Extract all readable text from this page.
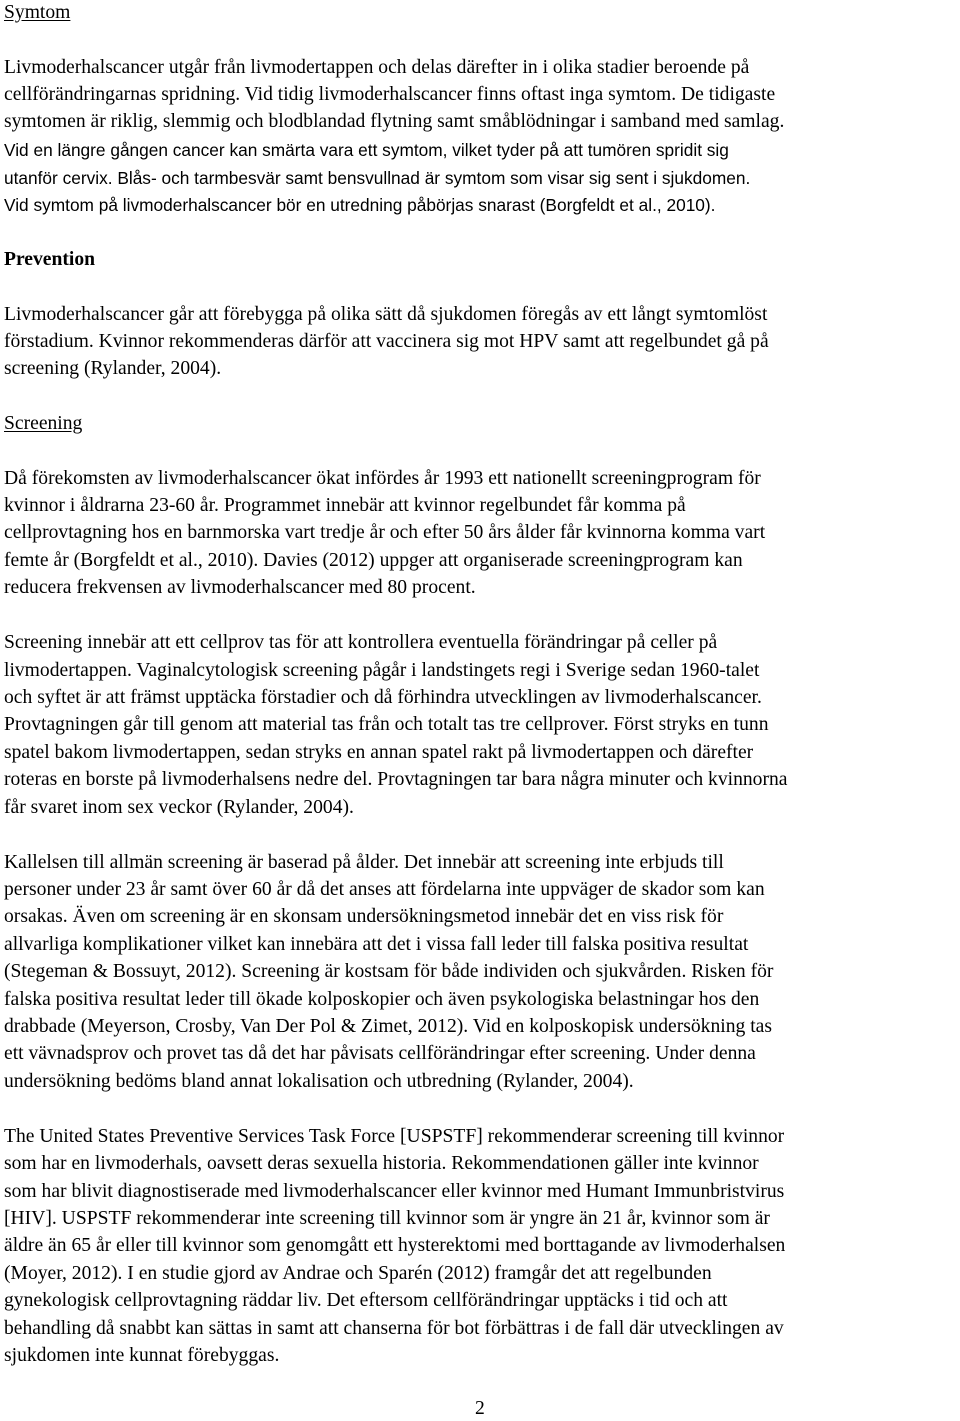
Symtom
Livmoderhalscancer utgår från livmodertappen och delas därefter in i olika stadier beroende på
cellförändringarnas spridning. Vid tidig livmoderhalscancer finns oftast inga symtom. De tidigaste
symtomen är riklig, slemmig och blodblandad flytning samt småblödningar i samband med samlag.
Vid en längre gången cancer kan smärta vara ett symtom, vilket tyder på att tumören spridit sig
utanför cervix. Blås- och tarmbesvär samt bensvullnad är symtom som visar sig sent i sjukdomen.
Vid symtom på livmoderhalscancer bör en utredning påbörjas snarast (Borgfeldt et al., 2010).
Prevention
Livmoderhalscancer går att förebygga på olika sätt då sjukdomen föregås av ett långt symtomlöst
förstadium. Kvinnor rekommenderas därför att vaccinera sig mot HPV samt att regelbundet gå på
screening (Rylander, 2004).
Screening
Då förekomsten av livmoderhalscancer ökat infördes år 1993 ett nationellt screeningprogram för
kvinnor i åldrarna 23-60 år. Programmet innebär att kvinnor regelbundet får komma på
cellprovtagning hos en barnmorska vart tredje år och efter 50 års ålder får kvinnorna komma vart
femte år (Borgfeldt et al., 2010). Davies (2012) uppger att organiserade screeningprogram kan
reducera frekvensen av livmoderhalscancer med 80 procent.
Screening innebär att ett cellprov tas för att kontrollera eventuella förändringar på celler på
livmodertappen. Vaginalcytologisk screening pågår i landstingets regi i Sverige sedan 1960-talet
och syftet är att främst upptäcka förstadier och då förhindra utvecklingen av livmoderhalscancer.
Provtagningen går till genom att material tas från och totalt tas tre cellprover. Först stryks en tunn
spatel bakom livmodertappen, sedan stryks en annan spatel rakt på livmodertappen och därefter
roteras en borste på livmoderhalsens nedre del. Provtagningen tar bara några minuter och kvinnorna
får svaret inom sex veckor (Rylander, 2004).
Kallelsen till allmän screening är baserad på ålder. Det innebär att screening inte erbjuds till
personer under 23 år samt över 60 år då det anses att fördelarna inte uppväger de skador som kan
orsakas. Även om screening är en skonsam undersökningsmetod innebär det en viss risk för
allvarliga komplikationer vilket kan innebära att det i vissa fall leder till falska positiva resultat
(Stegeman & Bossuyt, 2012). Screening är kostsam för både individen och sjukvården. Risken för
falska positiva resultat leder till ökade kolposkopier och även psykologiska belastningar hos den
drabbade (Meyerson, Crosby, Van Der Pol & Zimet, 2012). Vid en kolposkopisk undersökning tas
ett vävnadsprov och provet tas då det har påvisats cellförändringar efter screening. Under denna
undersökning bedöms bland annat lokalisation och utbredning (Rylander, 2004).
The United States Preventive Services Task Force [USPSTF] rekommenderar screening till kvinnor
som har en livmoderhals, oavsett deras sexuella historia. Rekommendationen gäller inte kvinnor
som har blivit diagnostiserade med livmoderhalscancer eller kvinnor med Humant Immunbristvirus
[HIV]. USPSTF rekommenderar inte screening till kvinnor som är yngre än 21 år, kvinnor som är
äldre än 65 år eller till kvinnor som genomgått ett hysterektomi med borttagande av livmoderhalsen
(Moyer, 2012). I en studie gjord av Andrae och Sparén (2012) framgår det att regelbunden
gynekologisk cellprovtagning räddar liv. Det eftersom cellförändringar upptäcks i tid och att
behandling då snabbt kan sättas in samt att chanserna för bot förbättras i de fall där utvecklingen av
sjukdomen inte kunnat förebyggas.
2
